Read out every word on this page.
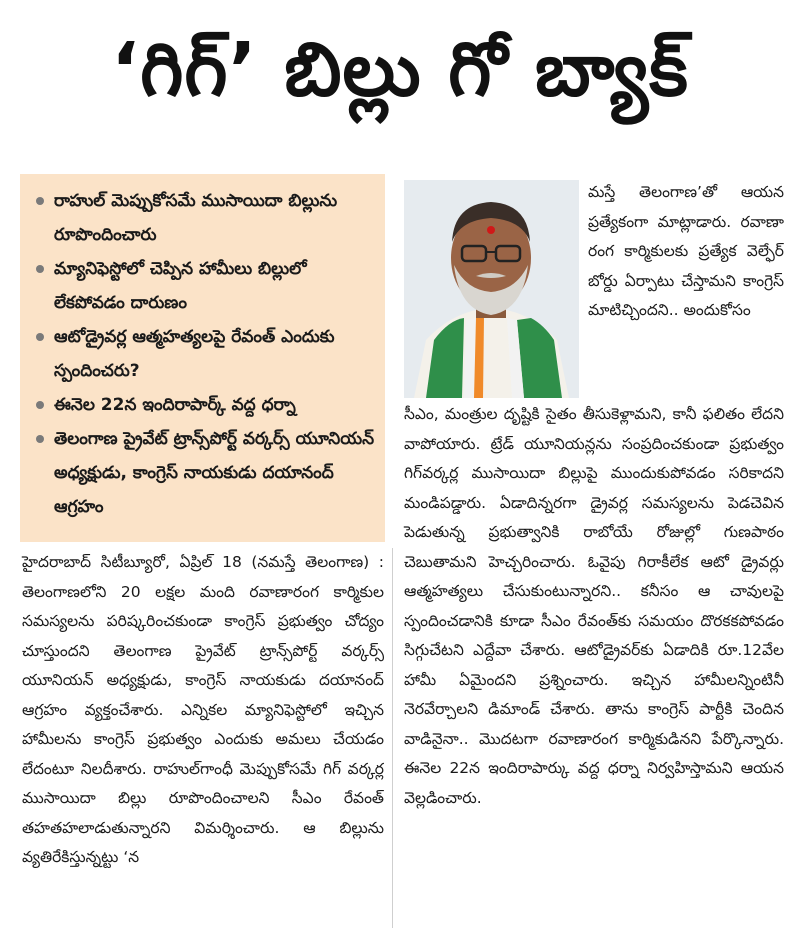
‘గిగ్’ బిల్లు గో బ్యాక్
రాహుల్ మెప్పుకోసమే ముసాయిదా బిల్లును రూపొందించారు
మ్యానిఫెస్టోలో చెప్పిన హామీలు బిల్లులో లేకపోవడం దారుణం
ఆటోడ్రైవర్ల ఆత్మహత్యలపై రేవంత్ ఎందుకు స్పందించరు?
ఈనెల 22న ఇందిరాపార్క్ వద్ద ధర్నా
తెలంగాణ ప్రైవేట్ ట్రాన్స్‌పోర్ట్ వర్కర్స్ యూనియన్ అధ్యక్షుడు, కాంగ్రెస్ నాయకుడు దయానంద్ ఆగ్రహం

మస్తే తెలంగాణ’తో ఆయన ప్రత్యేకంగా మాట్లాడారు. రవాణా రంగ కార్మికులకు ప్రత్యేక వెల్ఫేర్ బోర్డు ఏర్పాటు చేస్తామని కాంగ్రెస్ మాటిచ్చిందని.. అందుకోసం

సీఎం, మంత్రుల దృష్టికి సైతం తీసుకెళ్లామని, కానీ ఫలితం లేదని వాపోయారు. ట్రేడ్ యూనియన్లను సంప్రదించకుండా ప్రభుత్వం గిగ్‌వర్కర్ల ముసాయిదా బిల్లుపై ముందుకుపోవడం సరికాదని మండిపడ్డారు. ఏడాదిన్నరగా డ్రైవర్ల సమస్యలను పెడచెవిన పెడుతున్న ప్రభుత్వానికి రాబోయే రోజుల్లో గుణపాఠం చెబుతామని హెచ్చరించారు. ఓవైపు గిరాకీలేక ఆటో డ్రైవర్లు ఆత్మహత్యలు చేసుకుంటున్నారని.. కనీసం ఆ చావులపై స్పందించడానికి కూడా సీఎం రేవంత్‌కు సమయం దొరకకపోవడం సిగ్గుచేటని ఎద్దేవా చేశారు. ఆటోడ్రైవర్‌కు ఏడాదికి రూ.12వేల హామీ ఏమైందని ప్రశ్నించారు. ఇచ్చిన హామీలన్నింటినీ నెరవేర్చాలని డిమాండ్ చేశారు. తాను కాంగ్రెస్ పార్టీకి చెందిన వాడినైనా.. మొదటగా రవాణారంగ కార్మికుడినని పేర్కొన్నారు. ఈనెల 22న ఇందిరాపార్కు వద్ద ధర్నా నిర్వహిస్తామని ఆయన వెల్లడించారు.

హైదరాబాద్ సిటీబ్యూరో, ఏప్రిల్ 18 (నమస్తే తెలంగాణ) : తెలంగాణలోని 20 లక్షల మంది రవాణారంగ కార్మికుల సమస్యలను పరిష్కరించకుండా కాంగ్రెస్ ప్రభుత్వం చోద్యం చూస్తుందని తెలంగాణ ప్రైవేట్ ట్రాన్స్‌పోర్ట్ వర్కర్స్ యూనియన్ అధ్యక్షుడు, కాంగ్రెస్ నాయకుడు దయానంద్ ఆగ్రహం వ్యక్తంచేశారు. ఎన్నికల మ్యానిఫెస్టోలో ఇచ్చిన హామీలను కాంగ్రెస్ ప్రభుత్వం ఎందుకు అమలు చేయడం లేదంటూ నిలదీశారు. రాహుల్‌గాంధీ మెప్పుకోసమే గిగ్ వర్కర్ల ముసాయిదా బిల్లు రూపొందించాలని సీఎం రేవంత్ తహతహలాడుతున్నారని విమర్శించారు. ఆ బిల్లును వ్యతిరేకిస్తున్నట్టు ‘న
